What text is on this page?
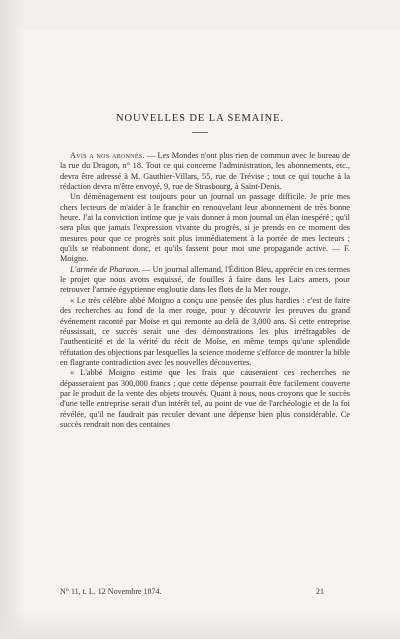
NOUVELLES DE LA SEMAINE.

Avis a nos abonnés. — Les Mondes n'ont plus rien de commun avec le bureau de la rue du Dragon, n° 18. Tout ce qui concerne l'administration, les abonnements, etc., devra être adressé à M. Gauthier-Villars, 55, rue de Trévise ; tout ce qui touche à la rédaction devra m'être envoyé, 9, rue de Strasbourg, à Saint-Denis.

Un déménagement est toujours pour un journal un passage difficile. Je prie mes chers lecteurs de m'aider à le franchir en renouvelant leur abonnement de très bonne heure. J'ai la conviction intime que je vais donner à mon journal un élan inespéré ; qu'il sera plus que jamais l'expression vivante du progrès, si je prends en ce moment des mesures pour que ce progrès soit plus immédiatement à la portée de mes lecteurs ; qu'ils se réabonnent donc, et qu'ils fassent pour moi une propagande active. — F. Moigno.

L'armée de Pharaon. — Un journal allemand, l'Édition Bleu, apprécie en ces termes le projet que nous avons esquissé, de fouilles à faire dans les Lacs amers, pour retrouver l'armée égyptienne engloutie dans les flots de la Mer rouge.

« Le très célèbre abbé Moigno a conçu une pensée des plus hardies : c'est de faire des recherches au fond de la mer rouge, pour y découvrir les preuves du grand événement raconté par Moïse et qui remonte au delà de 3,000 ans. Si cette entreprise réussissait, ce succès serait une des démonstrations les plus irréfragables de l'authenticité et de la vérité du récit de Moïse, en même temps qu'une splendide réfutation des objections par lesquelles la science moderne s'efforce de montrer la bible en flagrante contradiction avec les nouvelles découvertes.

« L'abbé Moigno estime que les frais que causeraient ces recherches ne dépasseraient pas 300,000 francs ; que cette dépense pourrait être facilement couverte par le produit de la vente des objets trouvés. Quant à nous, nous croyons que le succès d'une telle entreprise serait d'un intérêt tel, au point de vue de l'archéologie et de la foi révélée, qu'il ne faudrait pas reculer devant une dépense bien plus considérable. Ce succès rendrait non des centaines

N° 11, t. L. 12 Novembre 1874.	21
